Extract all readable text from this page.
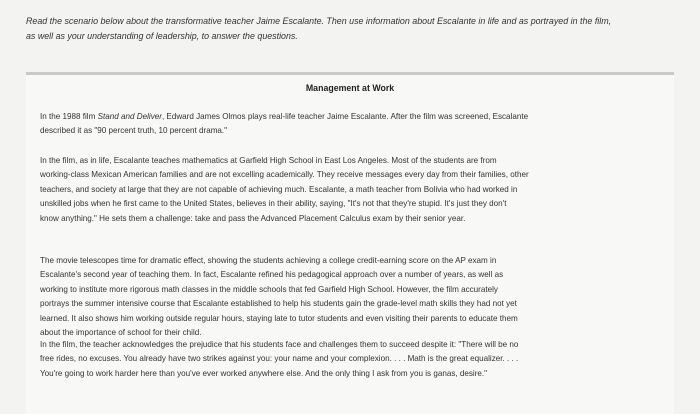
Read the scenario below about the transformative teacher Jaime Escalante. Then use information about Escalante in life and as portrayed in the film,
as well as your understanding of leadership, to answer the questions.
Management at Work
In the 1988 film Stand and Deliver, Edward James Olmos plays real-life teacher Jaime Escalante. After the film was screened, Escalante
described it as "90 percent truth, 10 percent drama."
In the film, as in life, Escalante teaches mathematics at Garfield High School in East Los Angeles. Most of the students are from
working-class Mexican American families and are not excelling academically. They receive messages every day from their families, other
teachers, and society at large that they are not capable of achieving much. Escalante, a math teacher from Bolivia who had worked in
unskilled jobs when he first came to the United States, believes in their ability, saying, "It's not that they're stupid. It's just they don't
know anything." He sets them a challenge: take and pass the Advanced Placement Calculus exam by their senior year.
The movie telescopes time for dramatic effect, showing the students achieving a college credit-earning score on the AP exam in
Escalante's second year of teaching them. In fact, Escalante refined his pedagogical approach over a number of years, as well as
working to institute more rigorous math classes in the middle schools that fed Garfield High School. However, the film accurately
portrays the summer intensive course that Escalante established to help his students gain the grade-level math skills they had not yet
learned. It also shows him working outside regular hours, staying late to tutor students and even visiting their parents to educate them
about the importance of school for their child.
In the film, the teacher acknowledges the prejudice that his students face and challenges them to succeed despite it: "There will be no
free rides, no excuses. You already have two strikes against you: your name and your complexion. . . . Math is the great equalizer. . . .
You're going to work harder here than you've ever worked anywhere else. And the only thing I ask from you is ganas, desire."
